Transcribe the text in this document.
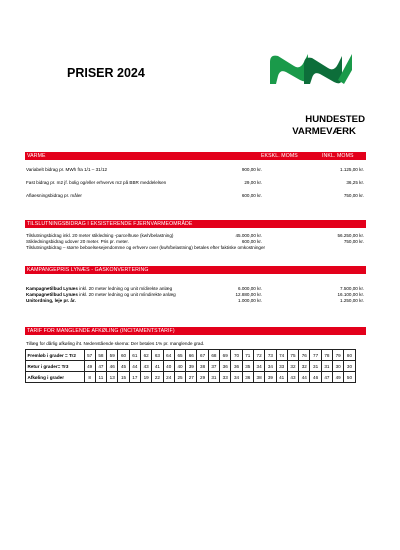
PRISER 2024
HUNDESTED
VARMEVÆRK
VARME	EKSKL. MOMS	INKL. MOMS
Variabelt bidrag pr. MWh fra 1/1 – 31/12	900,00 kr.	1.125,00 kr.
Fast bidrag pr. m2 jf. bolig og/eller erhvervs m2 på BBR meddelelsen	29,00 kr.	36,25 kr.
Afløesningsbidrag pr. måler	600,00 kr.	750,00 kr.
TILSLUTNINGSBIDRAG I EKSISTERENDE FJERNVARMEOMRÅDE
Tilslutningsbidrag inkl. 20 meter stikledning -parcelhuse (kwh/belastning)	45.000,00 kr.	56.250,00 kr.
Stikledningsbidrag udover 20 meter. Pris pr. meter.	600,00 kr.	750,00 kr.
Tilslutningsbidrag – større beboelsesejendomme og erhverv over (kwh/belastning) betales efter faktiske omkostninger
KAMPANGEPRIS LYNÆS - GASKONVERTERING
Kampagnetilbud Lynæs inkl. 20 meter ledning og unit m/direkte anlæg	6.000,00 kr.	7.500,00 kr.
Kampagnetilbud Lynæs inkl. 20 meter ledning og unit m/indirekte anlæg	12.880,00 kr.	16.100,00 kr.
Unitordning, leje pr. år.	1.000,00 kr.	1.250,00 kr.
TARIF FOR MANGLENDE AFKØLING (INCITAMENTSTARIF)
Tillæg for dårlig afkøling iht. Nedenstående skema: Der betales 1% pr. manglende grad.
Fremløb i grader = Tr2	57	58	59	60	61	62	63	64	65	66	67	68	69	70	71	72	73	74	75	76	77	78	79	80
Retur i grader= Tr3	49	47	46	45	44	43	41	40	40	39	38	37	36	36	35	34	34	33	32	32	31	31	30	30
Afkøling i grader	8	11	13	15	17	19	22	24	25	27	29	31	33	34	36	38	39	41	43	44	46	47	49	50
